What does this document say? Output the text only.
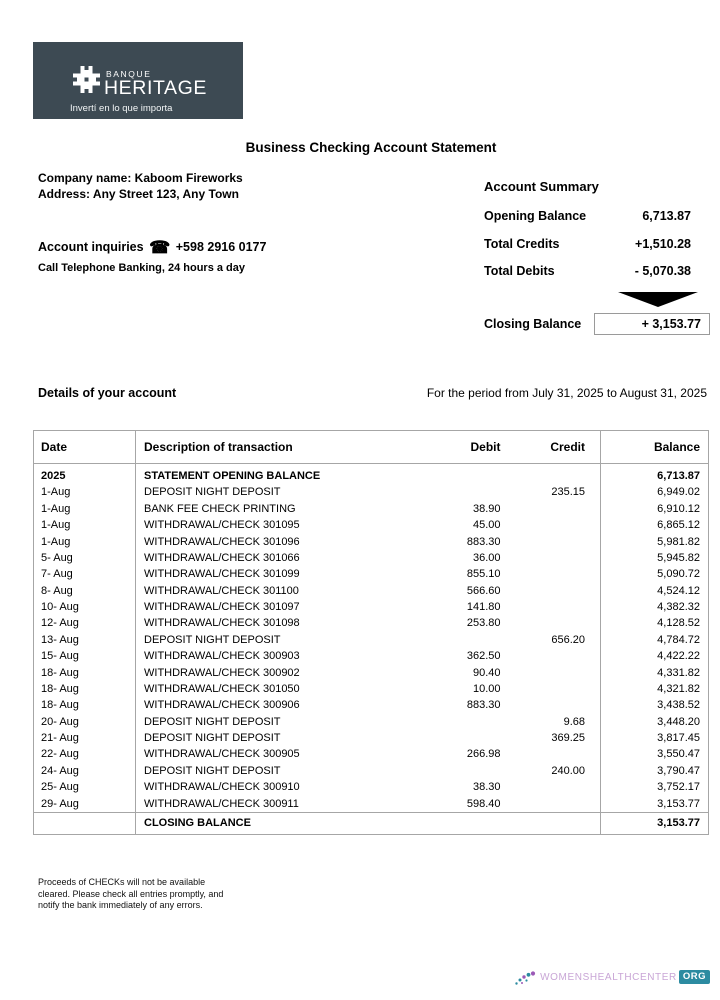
BANQUE
HERITAGE
Invertí en lo que importa
Business Checking Account Statement
Company name: Kaboom Fireworks
Address: Any Street 123, Any Town
Account inquiries ☎ +598 2916 0177
Call Telephone Banking, 24 hours a day
Account Summary
Opening Balance	6,713.87
Total Credits	+1,510.28
Total Debits	- 5,070.38
Closing Balance	+ 3,153.77
Details of your account	For the period from July 31, 2025 to August 31, 2025
Date	Description of transaction	Debit	Credit	Balance
2025	STATEMENT OPENING BALANCE			6,713.87
1-Aug	DEPOSIT NIGHT DEPOSIT		235.15	6,949.02
1-Aug	BANK FEE CHECK PRINTING	38.90		6,910.12
1-Aug	WITHDRAWAL/CHECK 301095	45.00		6,865.12
1-Aug	WITHDRAWAL/CHECK 301096	883.30		5,981.82
5- Aug	WITHDRAWAL/CHECK 301066	36.00		5,945.82
7- Aug	WITHDRAWAL/CHECK 301099	855.10		5,090.72
8- Aug	WITHDRAWAL/CHECK 301100	566.60		4,524.12
10- Aug	WITHDRAWAL/CHECK 301097	141.80		4,382.32
12- Aug	WITHDRAWAL/CHECK 301098	253.80		4,128.52
13- Aug	DEPOSIT NIGHT DEPOSIT		656.20	4,784.72
15- Aug	WITHDRAWAL/CHECK 300903	362.50		4,422.22
18- Aug	WITHDRAWAL/CHECK 300902	90.40		4,331.82
18- Aug	WITHDRAWAL/CHECK 301050	10.00		4,321.82
18- Aug	WITHDRAWAL/CHECK 300906	883.30		3,438.52
20- Aug	DEPOSIT NIGHT DEPOSIT		9.68	3,448.20
21- Aug	DEPOSIT NIGHT DEPOSIT		369.25	3,817.45
22- Aug	WITHDRAWAL/CHECK 300905	266.98		3,550.47
24- Aug	DEPOSIT NIGHT DEPOSIT		240.00	3,790.47
25- Aug	WITHDRAWAL/CHECK 300910	38.30		3,752.17
29- Aug	WITHDRAWAL/CHECK 300911	598.40		3,153.77
	CLOSING BALANCE			3,153.77
Proceeds of CHECKs will not be available
cleared. Please check all entries promptly, and
notify the bank immediately of any errors.
WOMENSHEALTHCENTER ORG
